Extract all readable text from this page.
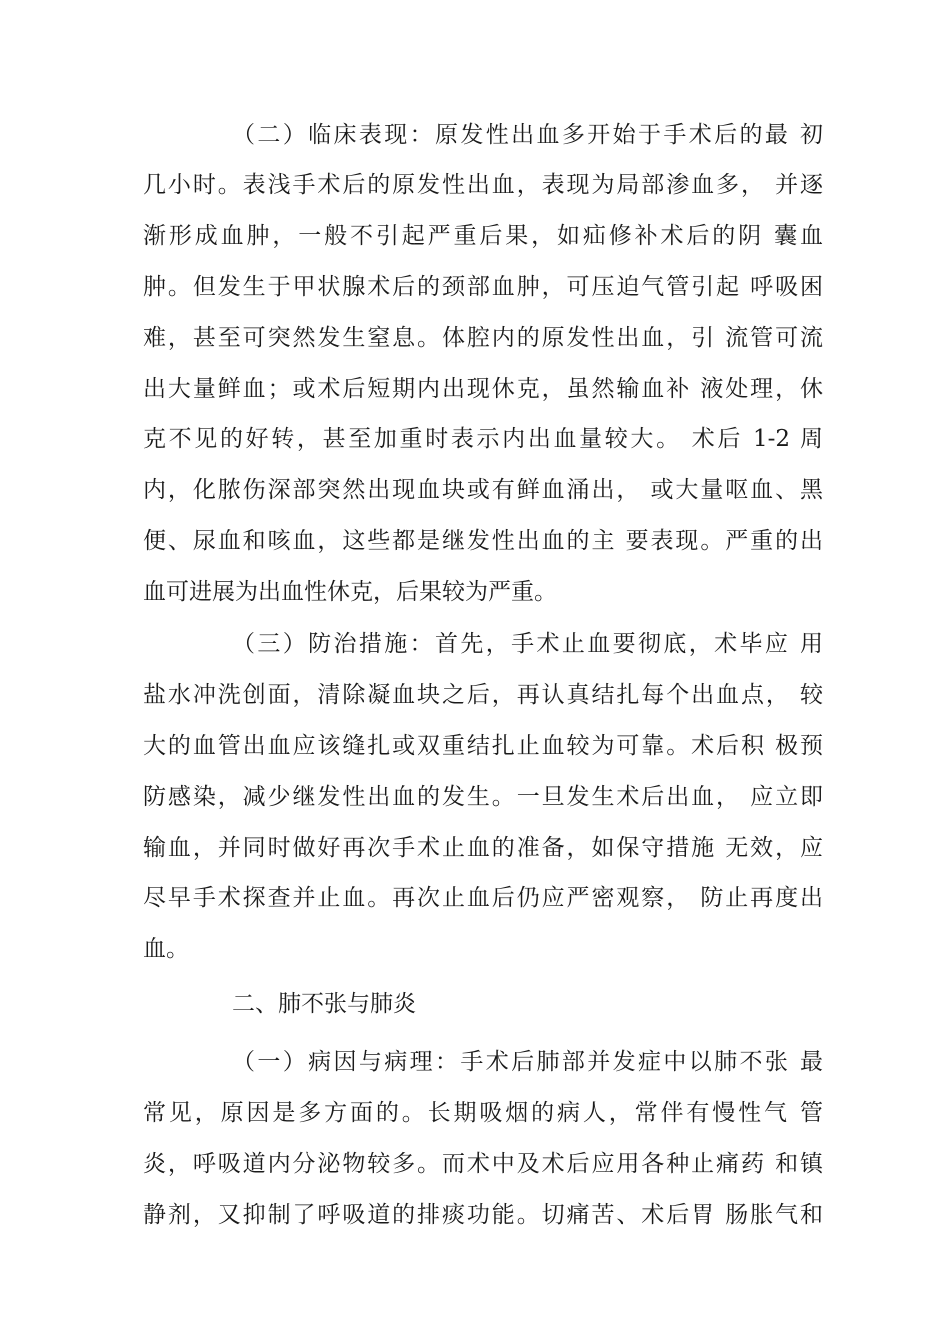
（二）临床表现：原发性出血多开始于手术后的最 初
几小时。表浅手术后的原发性出血，表现为局部渗血多， 并逐
渐形成血肿，一般不引起严重后果，如疝修补术后的阴 囊血
肿。但发生于甲状腺术后的颈部血肿，可压迫气管引起 呼吸困
难，甚至可突然发生窒息。体腔内的原发性出血，引 流管可流
出大量鲜血；或术后短期内出现休克，虽然输血补 液处理，休
克不见的好转，甚至加重时表示内出血量较大。 术后 1-2 周
内，化脓伤深部突然出现血块或有鲜血涌出， 或大量呕血、黑
便、尿血和咳血，这些都是继发性出血的主 要表现。严重的出
血可进展为出血性休克，后果较为严重。
（三）防治措施：首先，手术止血要彻底，术毕应 用
盐水冲洗创面，清除凝血块之后，再认真结扎每个出血点， 较
大的血管出血应该缝扎或双重结扎止血较为可靠。术后积 极预
防感染，减少继发性出血的发生。一旦发生术后出血， 应立即
输血，并同时做好再次手术止血的准备，如保守措施 无效，应
尽早手术探查并止血。再次止血后仍应严密观察， 防止再度出
血。
二、肺不张与肺炎
（一）病因与病理：手术后肺部并发症中以肺不张 最
常见，原因是多方面的。长期吸烟的病人，常伴有慢性气 管
炎，呼吸道内分泌物较多。而术中及术后应用各种止痛药 和镇
静剂，又抑制了呼吸道的排痰功能。切痛苦、术后胃 肠胀气和
